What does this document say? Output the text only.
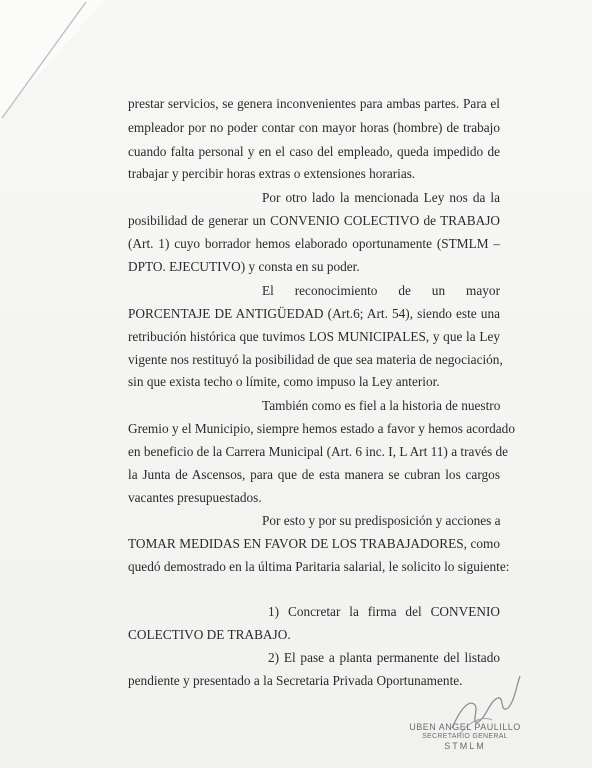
prestar servicios, se genera inconvenientes para ambas partes. Para el
empleador por no poder contar con mayor horas (hombre) de trabajo
cuando falta personal y en el caso del empleado, queda impedido de
trabajar y percibir horas extras o extensiones horarias.
Por otro lado la mencionada Ley nos da la
posibilidad de generar un CONVENIO COLECTIVO de TRABAJO
(Art. 1) cuyo borrador hemos elaborado oportunamente (STMLM –
DPTO. EJECUTIVO) y consta en su poder.
El reconocimiento de un mayor
PORCENTAJE DE ANTIGÜEDAD (Art.6; Art. 54), siendo este una
retribución histórica que tuvimos LOS MUNICIPALES, y que la Ley
vigente nos restituyó la posibilidad de que sea materia de negociación,
sin que exista techo o límite, como impuso la Ley anterior.
También como es fiel a la historia de nuestro
Gremio y el Municipio, siempre hemos estado a favor y hemos acordado
en beneficio de la Carrera Municipal (Art. 6 inc. I, L Art 11) a través de
la Junta de Ascensos, para que de esta manera se cubran los cargos
vacantes presupuestados.
Por esto y por su predisposición y acciones a
TOMAR MEDIDAS EN FAVOR DE LOS TRABAJADORES, como
quedó demostrado en la última Paritaria salarial, le solicito lo siguiente:
1) Concretar la firma del CONVENIO
COLECTIVO DE TRABAJO.
2) El pase a planta permanente del listado
pendiente y presentado a la Secretaria Privada Oportunamente.
UBEN ANGEL PAULILLO
SECRETARIO GENERAL
STMLM
